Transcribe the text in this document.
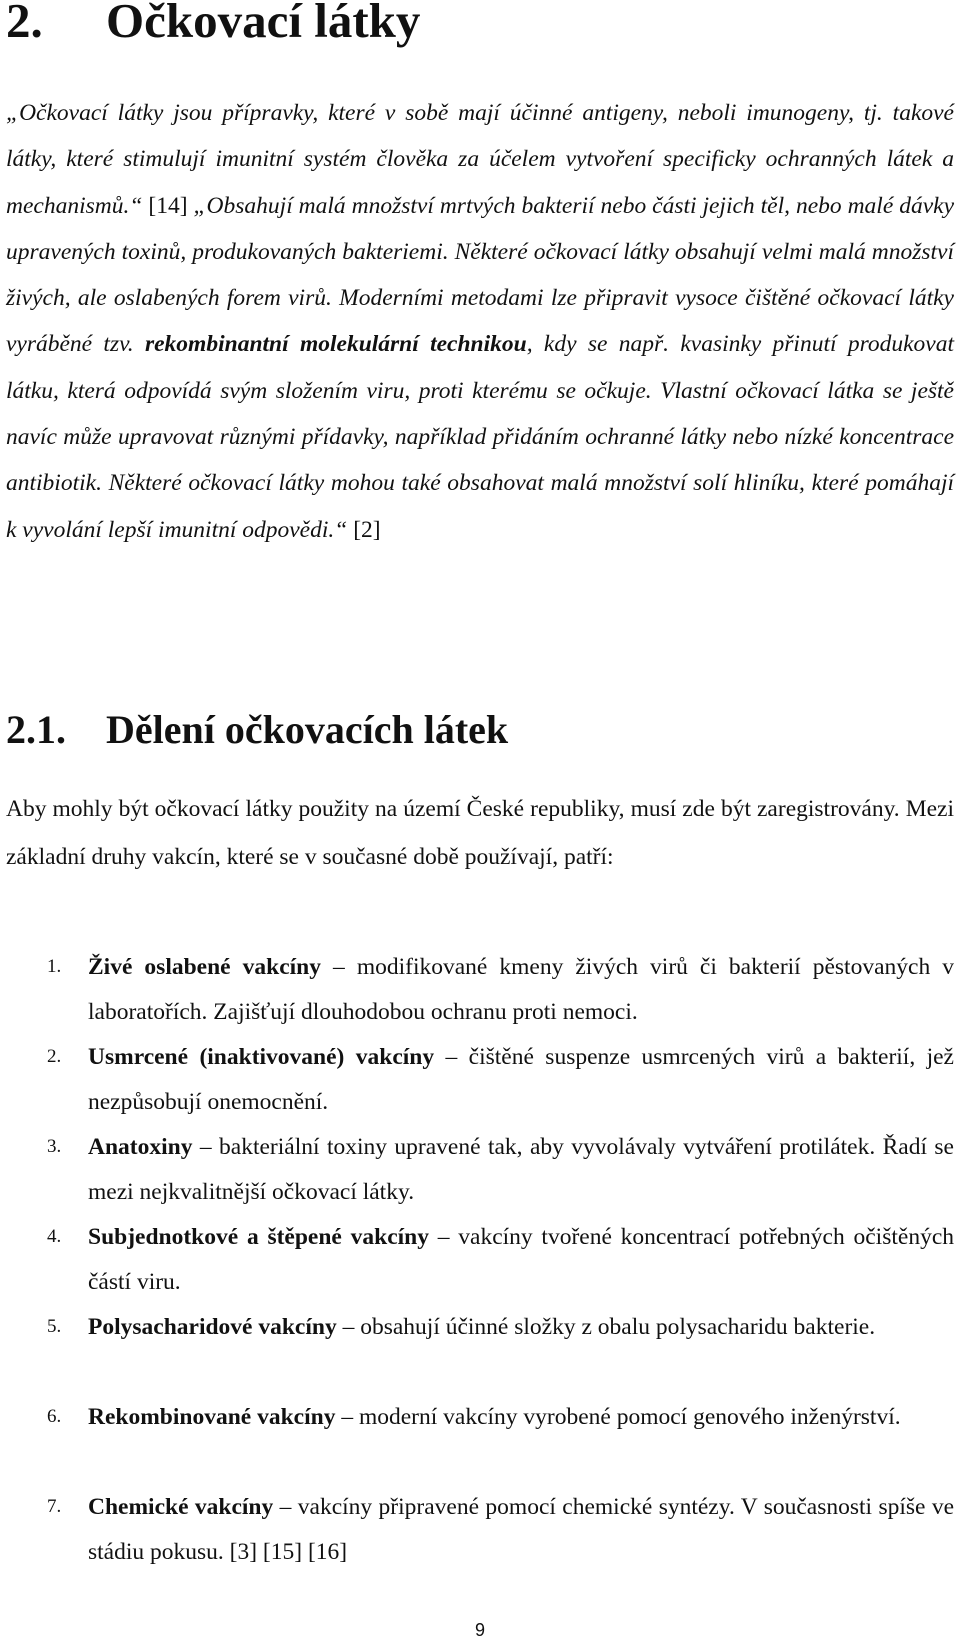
2. Očkovací látky

„Očkovací látky jsou přípravky, které v sobě mají účinné antigeny, neboli imunogeny, tj. takové látky, které stimulují imunitní systém člověka za účelem vytvoření specificky ochranných látek a mechanismů.“ [14] „Obsahují malá množství mrtvých bakterií nebo části jejich těl, nebo malé dávky upravených toxinů, produkovaných bakteriemi. Některé očkovací látky obsahují velmi malá množství živých, ale oslabených forem virů. Moderními metodami lze připravit vysoce čištěné očkovací látky vyráběné tzv. rekombinantní molekulární technikou, kdy se např. kvasinky přinutí produkovat látku, která odpovídá svým složením viru, proti kterému se očkuje. Vlastní očkovací látka se ještě navíc může upravovat různými přídavky, například přidáním ochranné látky nebo nízké koncentrace antibiotik. Některé očkovací látky mohou také obsahovat malá množství solí hliníku, které pomáhají k vyvolání lepší imunitní odpovědi.“ [2]

2.1. Dělení očkovacích látek

Aby mohly být očkovací látky použity na území České republiky, musí zde být zaregistrovány. Mezi základní druhy vakcín, které se v současné době používají, patří:

1. Živé oslabené vakcíny – modifikované kmeny živých virů či bakterií pěstovaných v laboratořích. Zajišťují dlouhodobou ochranu proti nemoci.
2. Usmrcené (inaktivované) vakcíny – čištěné suspenze usmrcených virů a bakterií, jež nezpůsobují onemocnění.
3. Anatoxiny – bakteriální toxiny upravené tak, aby vyvolávaly vytváření protilátek. Řadí se mezi nejkvalitnější očkovací látky.
4. Subjednotkové a štěpené vakcíny – vakcíny tvořené koncentrací potřebných očištěných částí viru.
5. Polysacharidové vakcíny – obsahují účinné složky z obalu polysacharidu bakterie.
6. Rekombinované vakcíny – moderní vakcíny vyrobené pomocí genového inženýrství.
7. Chemické vakcíny – vakcíny připravené pomocí chemické syntézy. V současnosti spíše ve stádiu pokusu. [3] [15] [16]
9
